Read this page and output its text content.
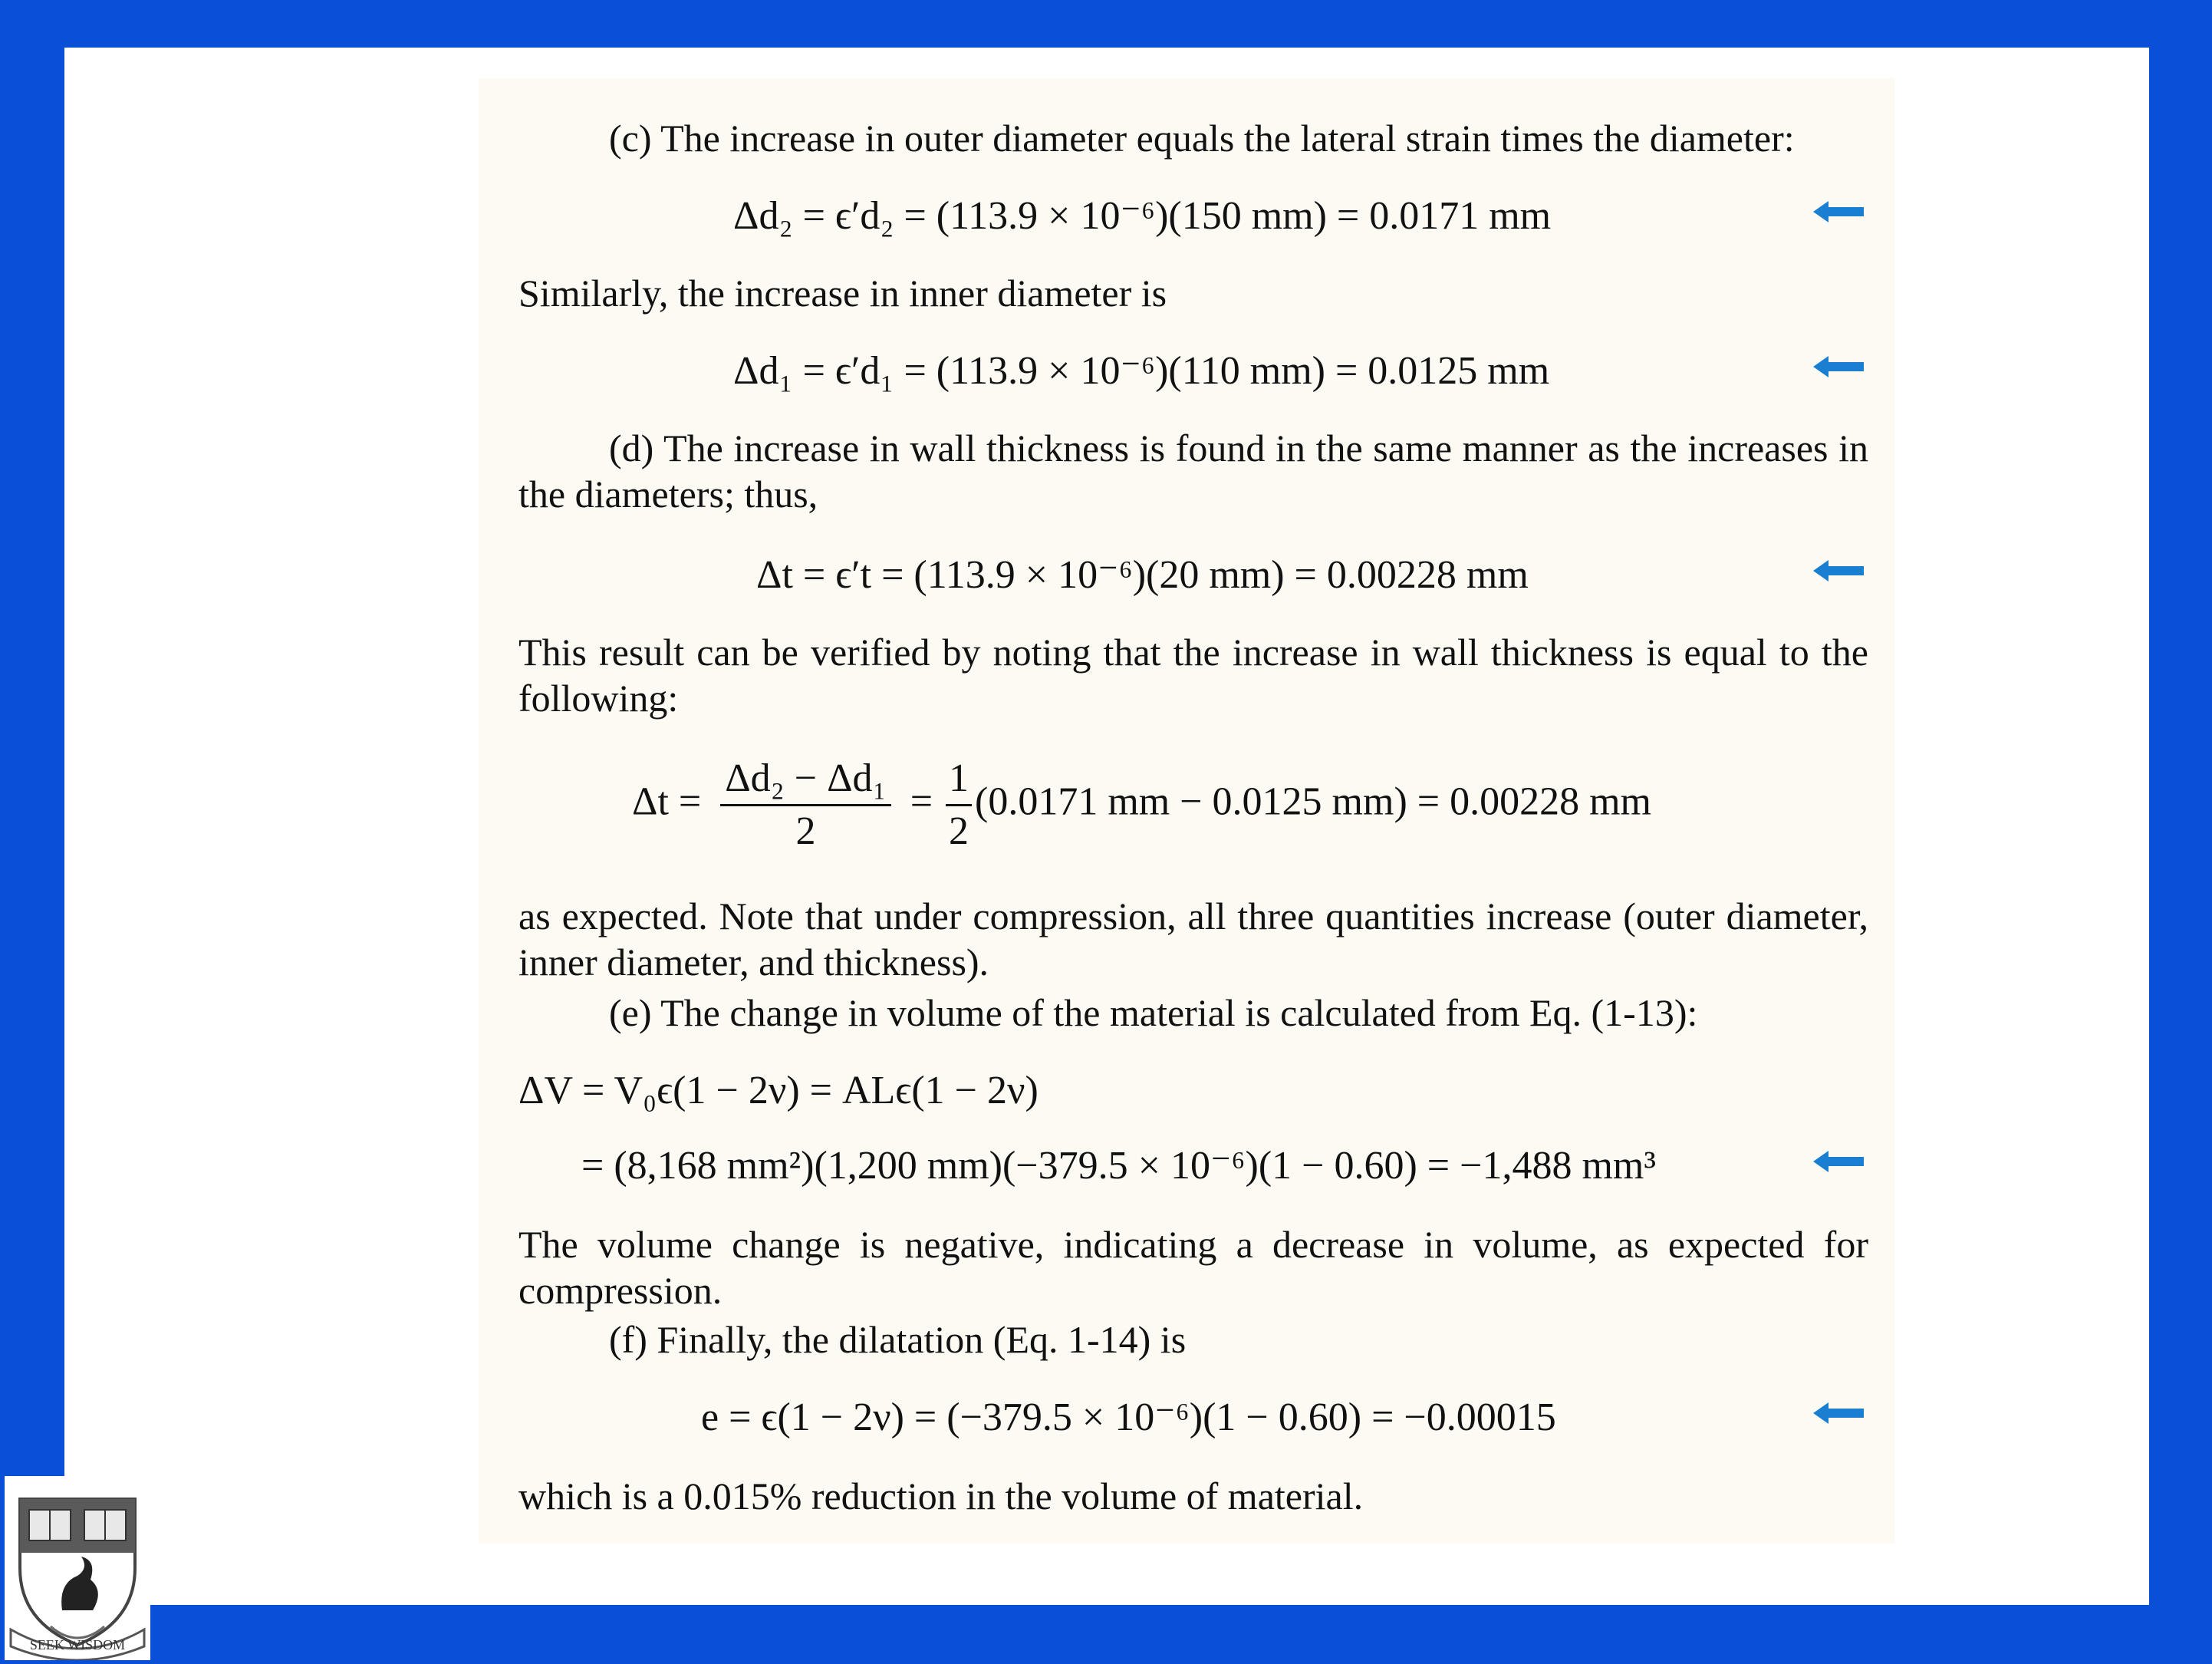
(c) The increase in outer diameter equals the lateral strain times the diameter:
Δd₂ = ϵ′d₂ = (113.9 × 10⁻⁶)(150 mm) = 0.0171 mm
Similarly, the increase in inner diameter is
Δd₁ = ϵ′d₁ = (113.9 × 10⁻⁶)(110 mm) = 0.0125 mm
(d) The increase in wall thickness is found in the same manner as the increases in the diameters; thus,
Δt = ϵ′t = (113.9 × 10⁻⁶)(20 mm) = 0.00228 mm
This result can be verified by noting that the increase in wall thickness is equal to the following:
$\Delta t = \frac{\text{Δd₂ − Δd₁}}{2} = \frac{1}{2} (0.0171$ mm − 0.0125 mm) = 0.00228 mm
as expected. Note that under compression, all three quantities increase (outer diameter, inner diameter, and thickness).
(e) The change in volume of the material is calculated from Eq. (1-13):
ΔV = V₀ϵ(1 − 2ν) = ALϵ(1 − 2ν)
= (8,168 mm²)(1,200 mm)(−379.5 × 10⁻⁶)(1 − 0.60) = −1,488 mm³
The volume change is negative, indicating a decrease in volume, as expected for compression.
(f) Finally, the dilatation (Eq. 1-14) is
e = ϵ(1 − 2ν) = (−379.5 × 10⁻⁶)(1 − 0.60) = −0.00015
which is a 0.015% reduction in the volume of material.
SEEK WISDOM
